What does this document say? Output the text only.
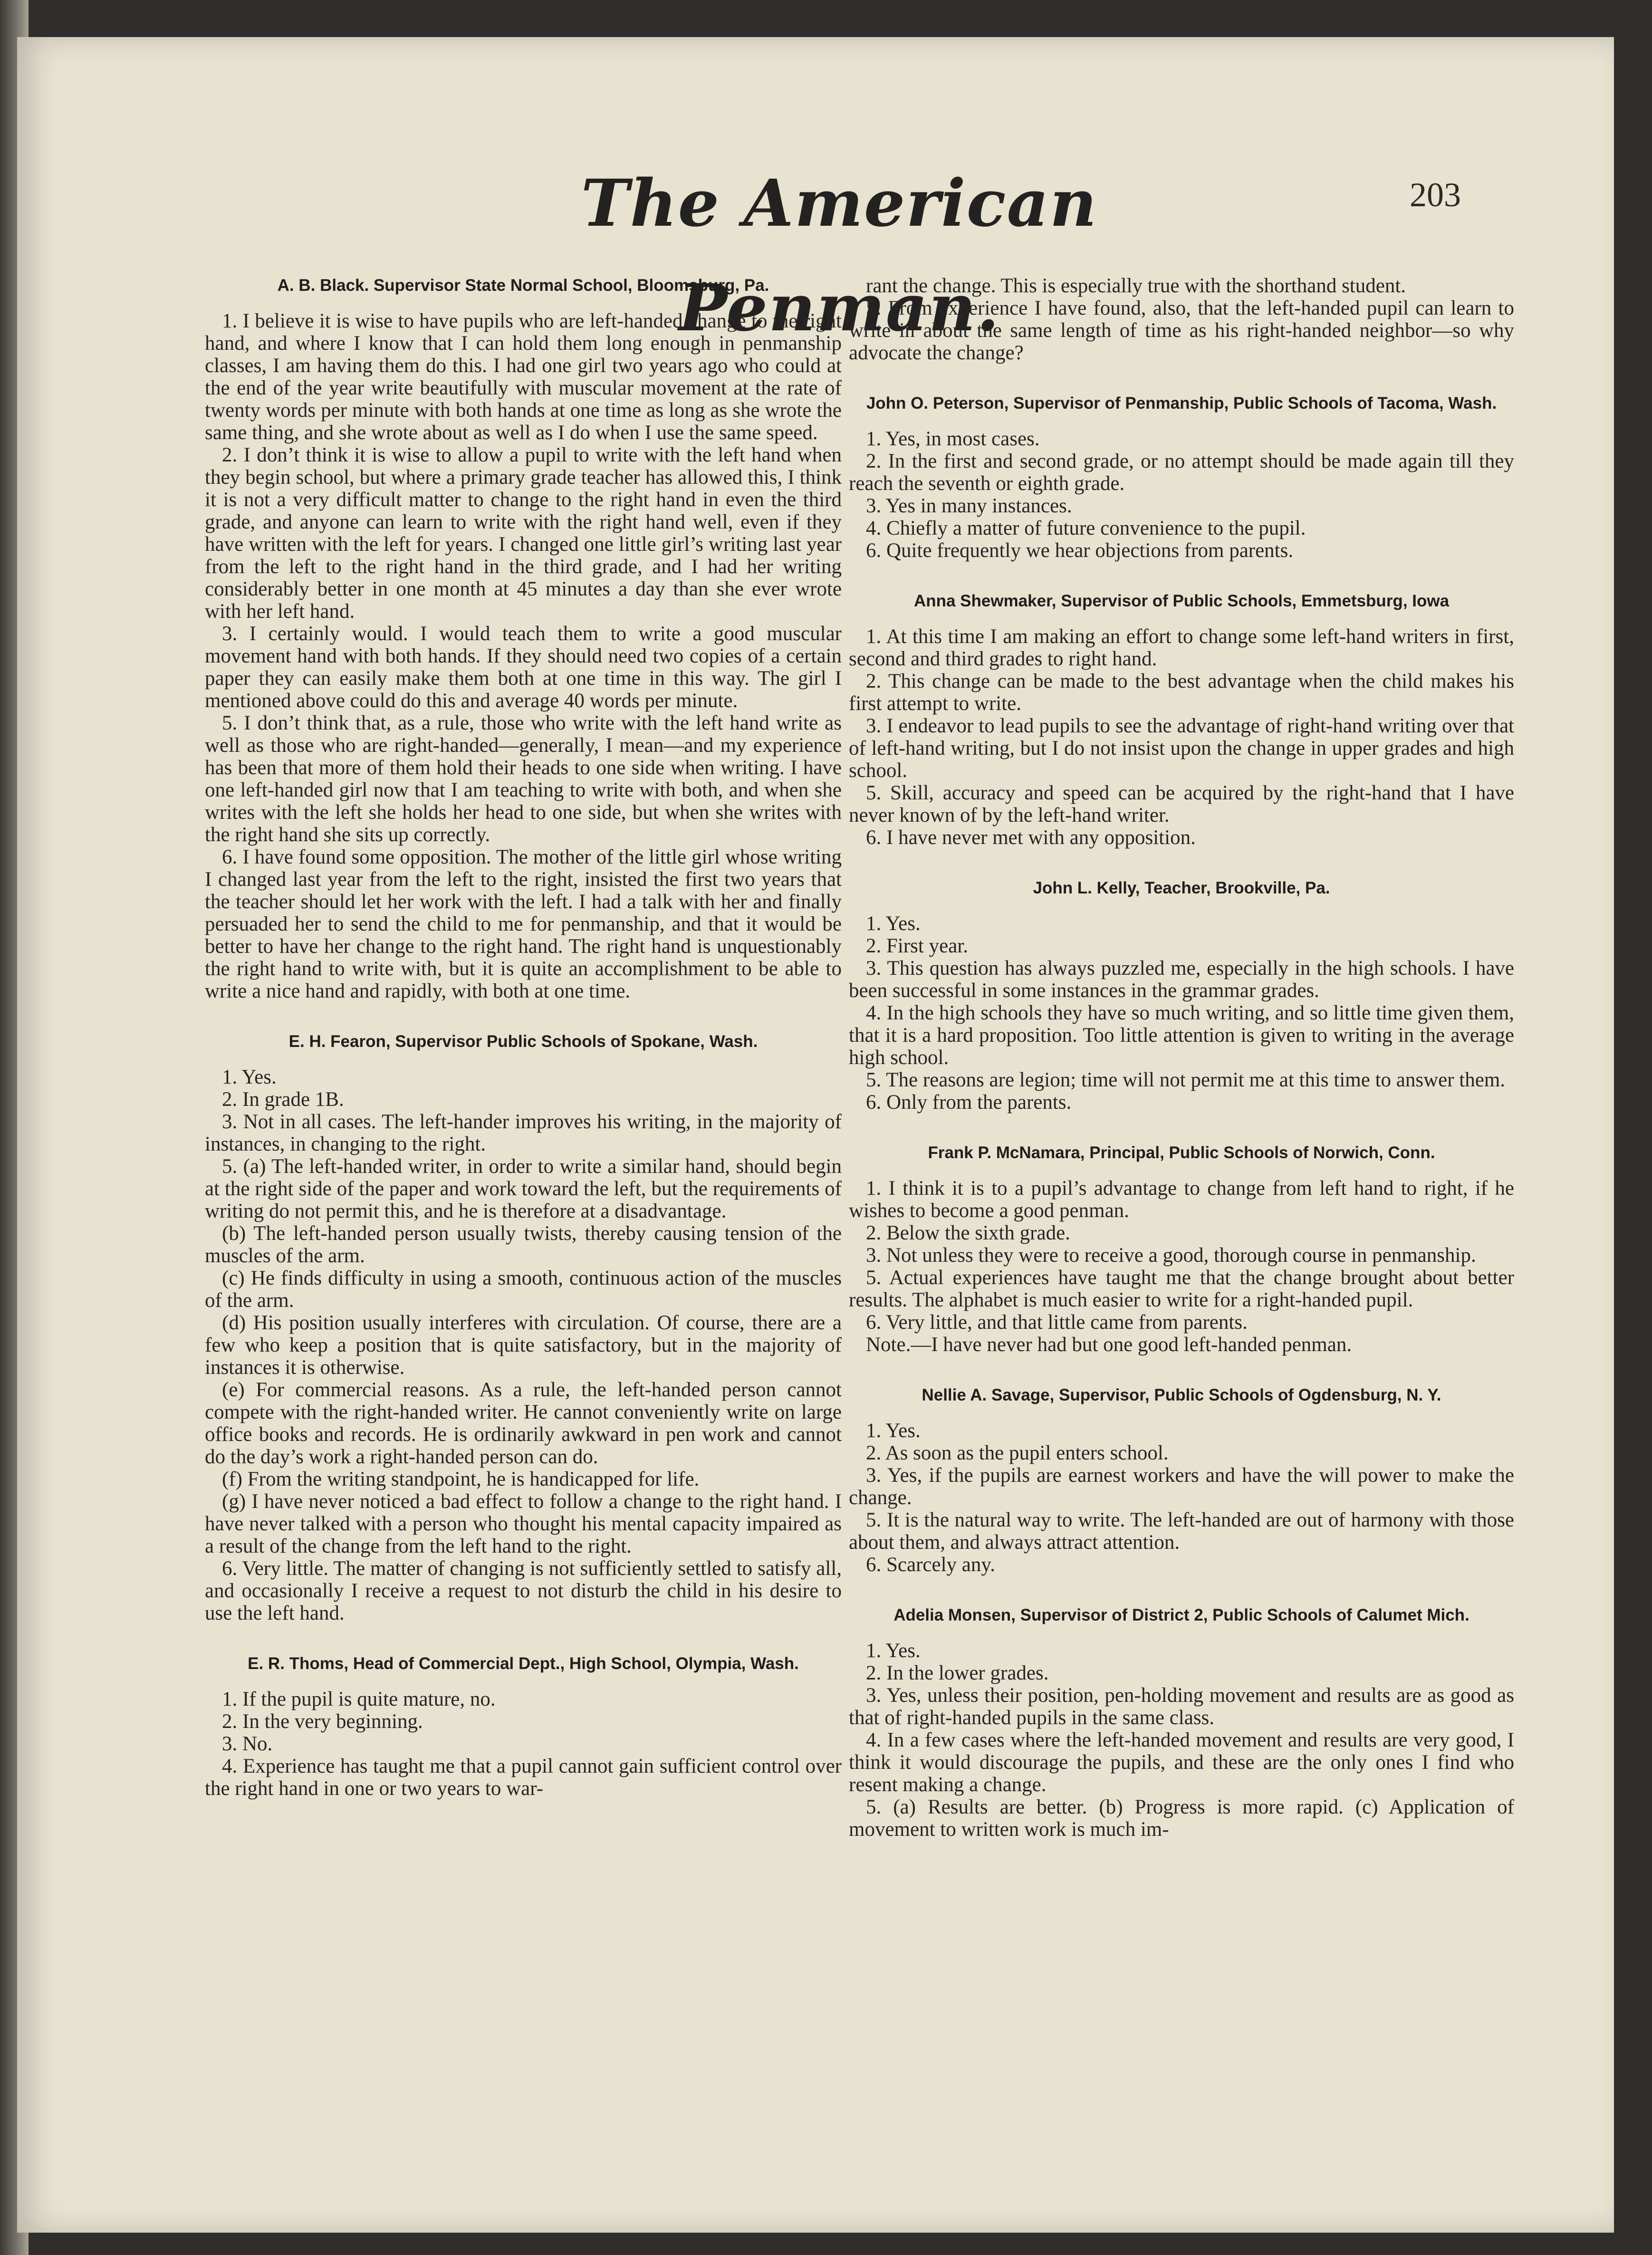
The American Penman.
203
A. B. Black. Supervisor State Normal School, Bloomsburg, Pa.

1. I believe it is wise to have pupils who are left-handed change to the right hand, and where I know that I can hold them long enough in penmanship classes, I am having them do this. I had one girl two years ago who could at the end of the year write beautifully with muscular movement at the rate of twenty words per minute with both hands at one time as long as she wrote the same thing, and she wrote about as well as I do when I use the same speed.

2. I don’t think it is wise to allow a pupil to write with the left hand when they begin school, but where a primary grade teacher has allowed this, I think it is not a very difficult matter to change to the right hand in even the third grade, and anyone can learn to write with the right hand well, even if they have written with the left for years. I changed one little girl’s writing last year from the left to the right hand in the third grade, and I had her writing considerably better in one month at 45 minutes a day than she ever wrote with her left hand.

3. I certainly would. I would teach them to write a good muscular movement hand with both hands. If they should need two copies of a certain paper they can easily make them both at one time in this way. The girl I mentioned above could do this and average 40 words per minute.

5. I don’t think that, as a rule, those who write with the left hand write as well as those who are right-handed—generally, I mean—and my experience has been that more of them hold their heads to one side when writing. I have one left-handed girl now that I am teaching to write with both, and when she writes with the left she holds her head to one side, but when she writes with the right hand she sits up correctly.

6. I have found some opposition. The mother of the little girl whose writing I changed last year from the left to the right, insisted the first two years that the teacher should let her work with the left. I had a talk with her and finally persuaded her to send the child to me for penmanship, and that it would be better to have her change to the right hand. The right hand is unquestionably the right hand to write with, but it is quite an accomplishment to be able to write a nice hand and rapidly, with both at one time.

E. H. Fearon, Supervisor Public Schools of Spokane, Wash.

1. Yes.

2. In grade 1B.

3. Not in all cases. The left-hander improves his writing, in the majority of instances, in changing to the right.

5. (a) The left-handed writer, in order to write a similar hand, should begin at the right side of the paper and work toward the left, but the requirements of writing do not permit this, and he is therefore at a disadvantage.

(b) The left-handed person usually twists, thereby causing tension of the muscles of the arm.

(c) He finds difficulty in using a smooth, continuous action of the muscles of the arm.

(d) His position usually interferes with circulation. Of course, there are a few who keep a position that is quite satisfactory, but in the majority of instances it is otherwise.

(e) For commercial reasons. As a rule, the left-handed person cannot compete with the right-handed writer. He cannot conveniently write on large office books and records. He is ordinarily awkward in pen work and cannot do the day’s work a right-handed person can do.

(f) From the writing standpoint, he is handicapped for life.

(g) I have never noticed a bad effect to follow a change to the right hand. I have never talked with a person who thought his mental capacity impaired as a result of the change from the left hand to the right.

6. Very little. The matter of changing is not sufficiently settled to satisfy all, and occasionally I receive a request to not disturb the child in his desire to use the left hand.

E. R. Thoms, Head of Commercial Dept., High School, Olympia, Wash.

1. If the pupil is quite mature, no.

2. In the very beginning.

3. No.

4. Experience has taught me that a pupil cannot gain sufficient control over the right hand in one or two years to war-

rant the change. This is especially true with the shorthand student.

5. From experience I have found, also, that the left-handed pupil can learn to write in about the same length of time as his right-handed neighbor—so why advocate the change?

John O. Peterson, Supervisor of Penmanship, Public Schools of Tacoma, Wash.

1. Yes, in most cases.

2. In the first and second grade, or no attempt should be made again till they reach the seventh or eighth grade.

3. Yes in many instances.

4. Chiefly a matter of future convenience to the pupil.

6. Quite frequently we hear objections from parents.

Anna Shewmaker, Supervisor of Public Schools, Emmetsburg, Iowa

1. At this time I am making an effort to change some left-hand writers in first, second and third grades to right hand.

2. This change can be made to the best advantage when the child makes his first attempt to write.

3. I endeavor to lead pupils to see the advantage of right-hand writing over that of left-hand writing, but I do not insist upon the change in upper grades and high school.

5. Skill, accuracy and speed can be acquired by the right-hand that I have never known of by the left-hand writer.

6. I have never met with any opposition.

John L. Kelly, Teacher, Brookville, Pa.

1. Yes.

2. First year.

3. This question has always puzzled me, especially in the high schools. I have been successful in some instances in the grammar grades.

4. In the high schools they have so much writing, and so little time given them, that it is a hard proposition. Too little attention is given to writing in the average high school.

5. The reasons are legion; time will not permit me at this time to answer them.

6. Only from the parents.

Frank P. McNamara, Principal, Public Schools of Norwich, Conn.

1. I think it is to a pupil’s advantage to change from left hand to right, if he wishes to become a good penman.

2. Below the sixth grade.

3. Not unless they were to receive a good, thorough course in penmanship.

5. Actual experiences have taught me that the change brought about better results. The alphabet is much easier to write for a right-handed pupil.

6. Very little, and that little came from parents.

Note.—I have never had but one good left-handed penman.

Nellie A. Savage, Supervisor, Public Schools of Ogdensburg, N. Y.

1. Yes.

2. As soon as the pupil enters school.

3. Yes, if the pupils are earnest workers and have the will power to make the change.

5. It is the natural way to write. The left-handed are out of harmony with those about them, and always attract attention.

6. Scarcely any.

Adelia Monsen, Supervisor of District 2, Public Schools of Calumet Mich.

1. Yes.

2. In the lower grades.

3. Yes, unless their position, pen-holding movement and results are as good as that of right-handed pupils in the same class.

4. In a few cases where the left-handed movement and results are very good, I think it would discourage the pupils, and these are the only ones I find who resent making a change.

5. (a) Results are better. (b) Progress is more rapid. (c) Application of movement to written work is much im-
